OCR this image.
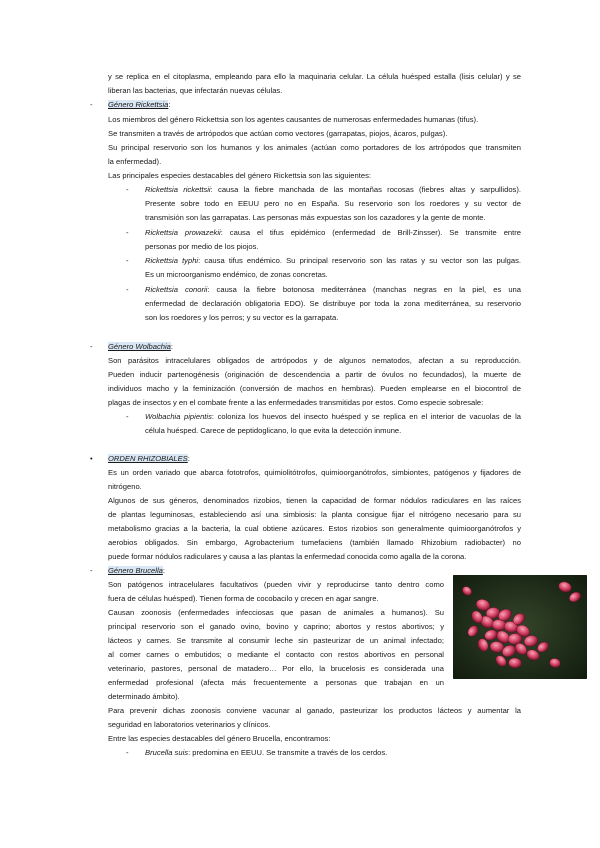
y se replica en el citoplasma, empleando para ello la maquinaria celular. La célula huésped estalla (lisis celular) y se
liberan las bacterias, que infectarán nuevas células.
- Género Rickettsia:
Los miembros del género Rickettsia son los agentes causantes de numerosas enfermedades humanas (tifus).
Se transmiten a través de artrópodos que actúan como vectores (garrapatas, piojos, ácaros, pulgas).
Su principal reservorio son los humanos y los animales (actúan como portadores de los artrópodos que transmiten
la enfermedad).
Las principales especies destacables del género Rickettsia son las siguientes:
- Rickettsia rickettsii: causa la fiebre manchada de las montañas rocosas (fiebres altas y sarpullidos).
Presente sobre todo en EEUU pero no en España. Su reservorio son los roedores y su vector de
transmisión son las garrapatas. Las personas más expuestas son los cazadores y la gente de monte.
- Rickettsia prowazekii: causa el tifus epidémico (enfermedad de Brill-Zinsser). Se transmite entre
personas por medio de los piojos.
- Rickettsia typhi: causa tifus endémico. Su principal reservorio son las ratas y su vector son las pulgas.
Es un microorganismo endémico, de zonas concretas.
- Rickettsia conorii: causa la fiebre botonosa mediterránea (manchas negras en la piel, es una
enfermedad de declaración obligatoria EDO). Se distribuye por toda la zona mediterránea, su reservorio
son los roedores y los perros; y su vector es la garrapata.
- Género Wolbachia:
Son parásitos intracelulares obligados de artrópodos y de algunos nematodos, afectan a su reproducción.
Pueden inducir partenogénesis (originación de descendencia a partir de óvulos no fecundados), la muerte de
individuos macho y la feminización (conversión de machos en hembras). Pueden emplearse en el biocontrol de
plagas de insectos y en el combate frente a las enfermedades transmitidas por estos. Como especie sobresale:
- Wolbachia pipientis: coloniza los huevos del insecto huésped y se replica en el interior de vacuolas de la
célula huésped. Carece de peptidoglicano, lo que evita la detección inmune.
• ORDEN RHIZOBIALES:
Es un orden variado que abarca fototrofos, quimiolitótrofos, quimioorganótrofos, simbiontes, patógenos y fijadores de
nitrógeno.
Algunos de sus géneros, denominados rizobios, tienen la capacidad de formar nódulos radiculares en las raíces
de plantas leguminosas, estableciendo así una simbiosis: la planta consigue fijar el nitrógeno necesario para su
metabolismo gracias a la bacteria, la cual obtiene azúcares. Estos rizobios son generalmente quimioorganótrofos y
aerobios obligados. Sin embargo, Agrobacterium tumefaciens (también llamado Rhizobium radiobacter) no
puede formar nódulos radiculares y causa a las plantas la enfermedad conocida como agalla de la corona.
- Género Brucella:
Son patógenos intracelulares facultativos (pueden vivir y reproducirse tanto dentro como
fuera de células huésped). Tienen forma de cocobacilo y crecen en agar sangre.
Causan zoonosis (enfermedades infecciosas que pasan de animales a humanos). Su
principal reservorio son el ganado ovino, bovino y caprino; abortos y restos abortivos; y
lácteos y carnes. Se transmite al consumir leche sin pasteurizar de un animal infectado;
al comer carnes o embutidos; o mediante el contacto con restos abortivos en personal
veterinario, pastores, personal de matadero… Por ello, la brucelosis es considerada una
enfermedad profesional (afecta más frecuentemente a personas que trabajan en un
determinado ámbito).
Para prevenir dichas zoonosis conviene vacunar al ganado, pasteurizar los productos lácteos y aumentar la
seguridad en laboratorios veterinarios y clínicos.
Entre las especies destacables del género Brucella, encontramos:
- Brucella suis: predomina en EEUU. Se transmite a través de los cerdos.
